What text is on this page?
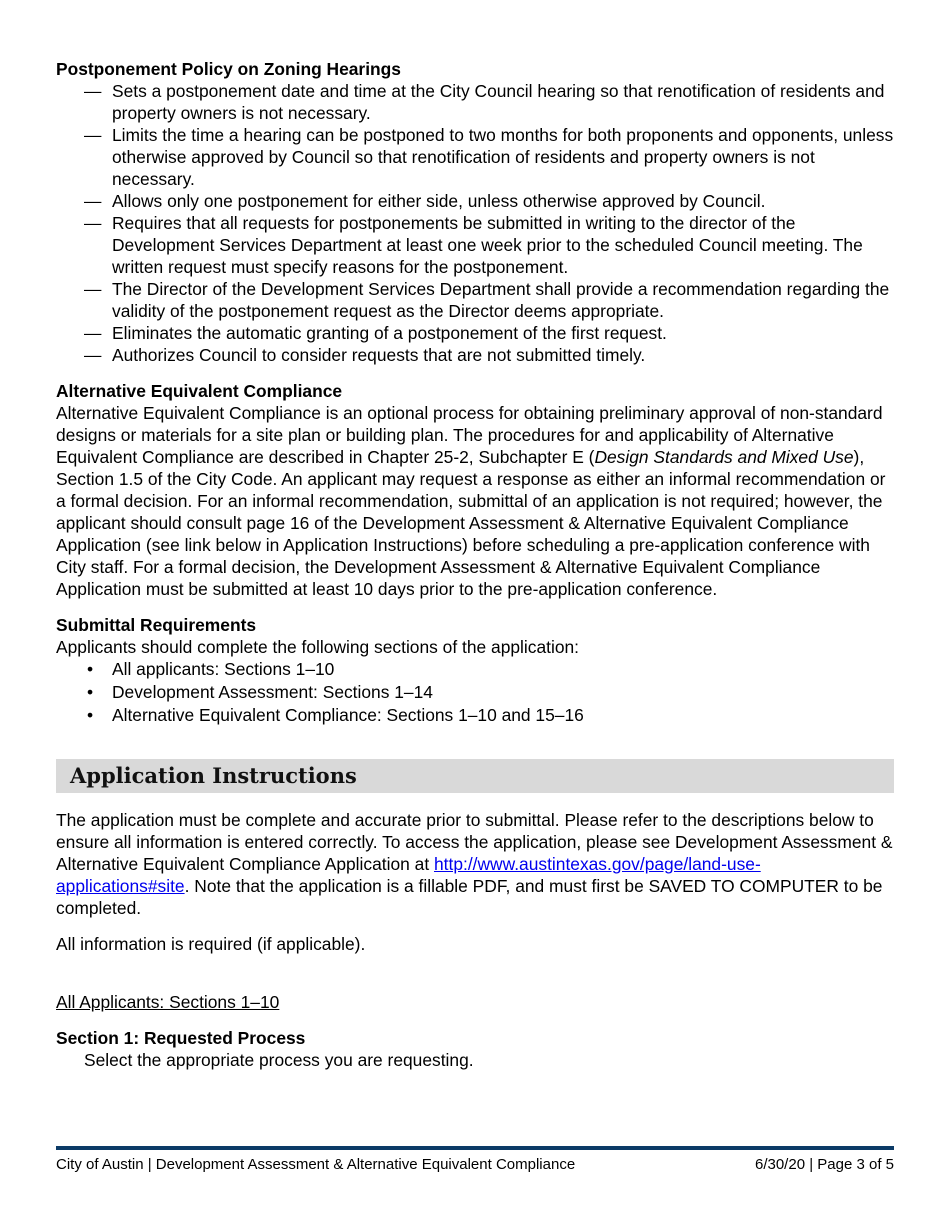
Postponement Policy on Zoning Hearings

— Sets a postponement date and time at the City Council hearing so that renotification of residents and property owners is not necessary.
— Limits the time a hearing can be postponed to two months for both proponents and opponents, unless otherwise approved by Council so that renotification of residents and property owners is not necessary.
— Allows only one postponement for either side, unless otherwise approved by Council.
— Requires that all requests for postponements be submitted in writing to the director of the Development Services Department at least one week prior to the scheduled Council meeting. The written request must specify reasons for the postponement.
— The Director of the Development Services Department shall provide a recommendation regarding the validity of the postponement request as the Director deems appropriate.
— Eliminates the automatic granting of a postponement of the first request.
— Authorizes Council to consider requests that are not submitted timely.

Alternative Equivalent Compliance

Alternative Equivalent Compliance is an optional process for obtaining preliminary approval of non-standard designs or materials for a site plan or building plan. The procedures for and applicability of Alternative Equivalent Compliance are described in Chapter 25-2, Subchapter E (Design Standards and Mixed Use), Section 1.5 of the City Code. An applicant may request a response as either an informal recommendation or a formal decision. For an informal recommendation, submittal of an application is not required; however, the applicant should consult page 16 of the Development Assessment & Alternative Equivalent Compliance Application (see link below in Application Instructions) before scheduling a pre-application conference with City staff. For a formal decision, the Development Assessment & Alternative Equivalent Compliance Application must be submitted at least 10 days prior to the pre-application conference.

Submittal Requirements

Applicants should complete the following sections of the application:

• All applicants: Sections 1–10
• Development Assessment: Sections 1–14
• Alternative Equivalent Compliance: Sections 1–10 and 15–16
Application Instructions

The application must be complete and accurate prior to submittal. Please refer to the descriptions below to ensure all information is entered correctly. To access the application, please see Development Assessment & Alternative Equivalent Compliance Application at http://www.austintexas.gov/page/land-use-applications#site. Note that the application is a fillable PDF, and must first be SAVED TO COMPUTER to be completed.

All information is required (if applicable).

All Applicants: Sections 1–10

Section 1: Requested Process

Select the appropriate process you are requesting.

City of Austin | Development Assessment & Alternative Equivalent Compliance	6/30/20 | Page 3 of 5
